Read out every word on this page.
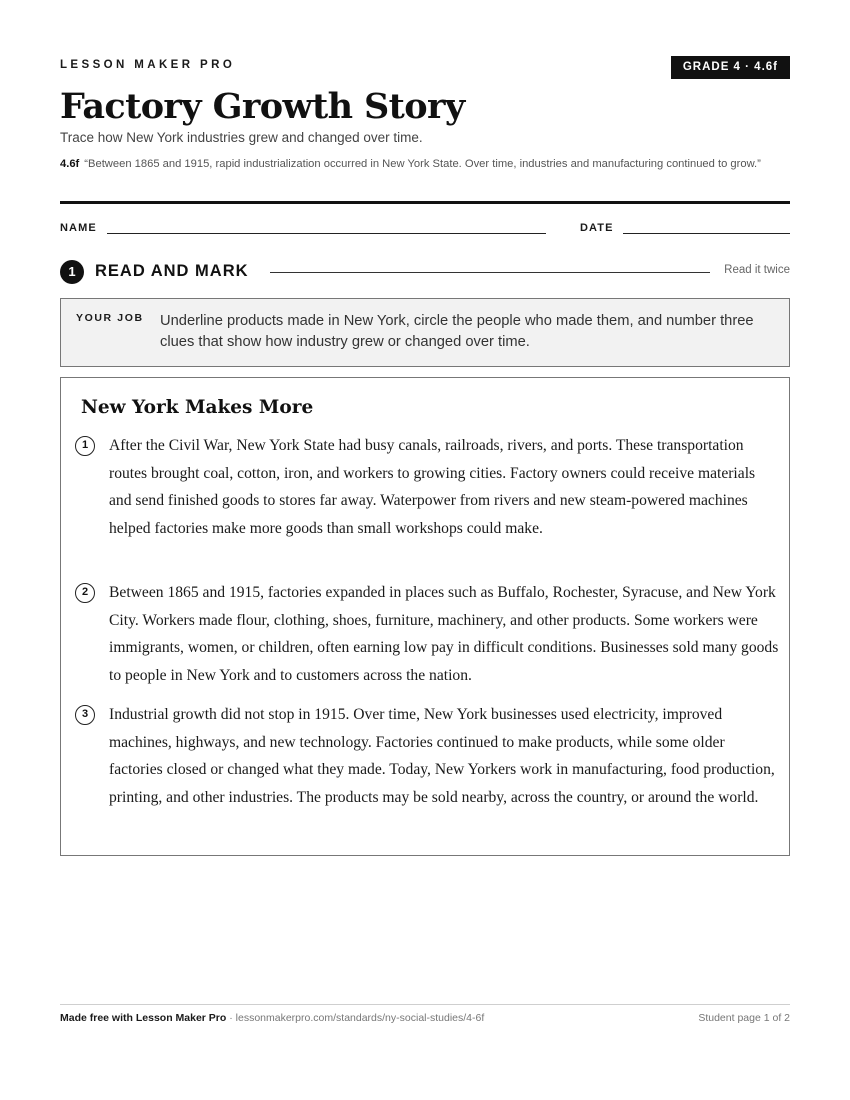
LESSON MAKER PRO	GRADE 4 · 4.6f
Factory Growth Story
Trace how New York industries grew and changed over time.
4.6f “Between 1865 and 1915, rapid industrialization occurred in New York State. Over time, industries and manufacturing continued to grow.”
NAME	DATE
1	READ AND MARK	Read it twice
YOUR JOB Underline products made in New York, circle the people who made them, and number three clues that show how industry grew or changed over time.
New York Makes More
1	After the Civil War, New York State had busy canals, railroads, rivers, and ports. These transportation routes brought coal, cotton, iron, and workers to growing cities. Factory owners could receive materials and send finished goods to stores far away. Waterpower from rivers and new steam-powered machines helped factories make more goods than small workshops could make.
2	Between 1865 and 1915, factories expanded in places such as Buffalo, Rochester, Syracuse, and New York City. Workers made flour, clothing, shoes, furniture, machinery, and other products. Some workers were immigrants, women, or children, often earning low pay in difficult conditions. Businesses sold many goods to people in New York and to customers across the nation.
3	Industrial growth did not stop in 1915. Over time, New York businesses used electricity, improved machines, highways, and new technology. Factories continued to make products, while some older factories closed or changed what they made. Today, New Yorkers work in manufacturing, food production, printing, and other industries. The products may be sold nearby, across the country, or around the world.
Made free with Lesson Maker Pro · lessonmakerpro.com/standards/ny-social-studies/4-6f	Student page 1 of 2
